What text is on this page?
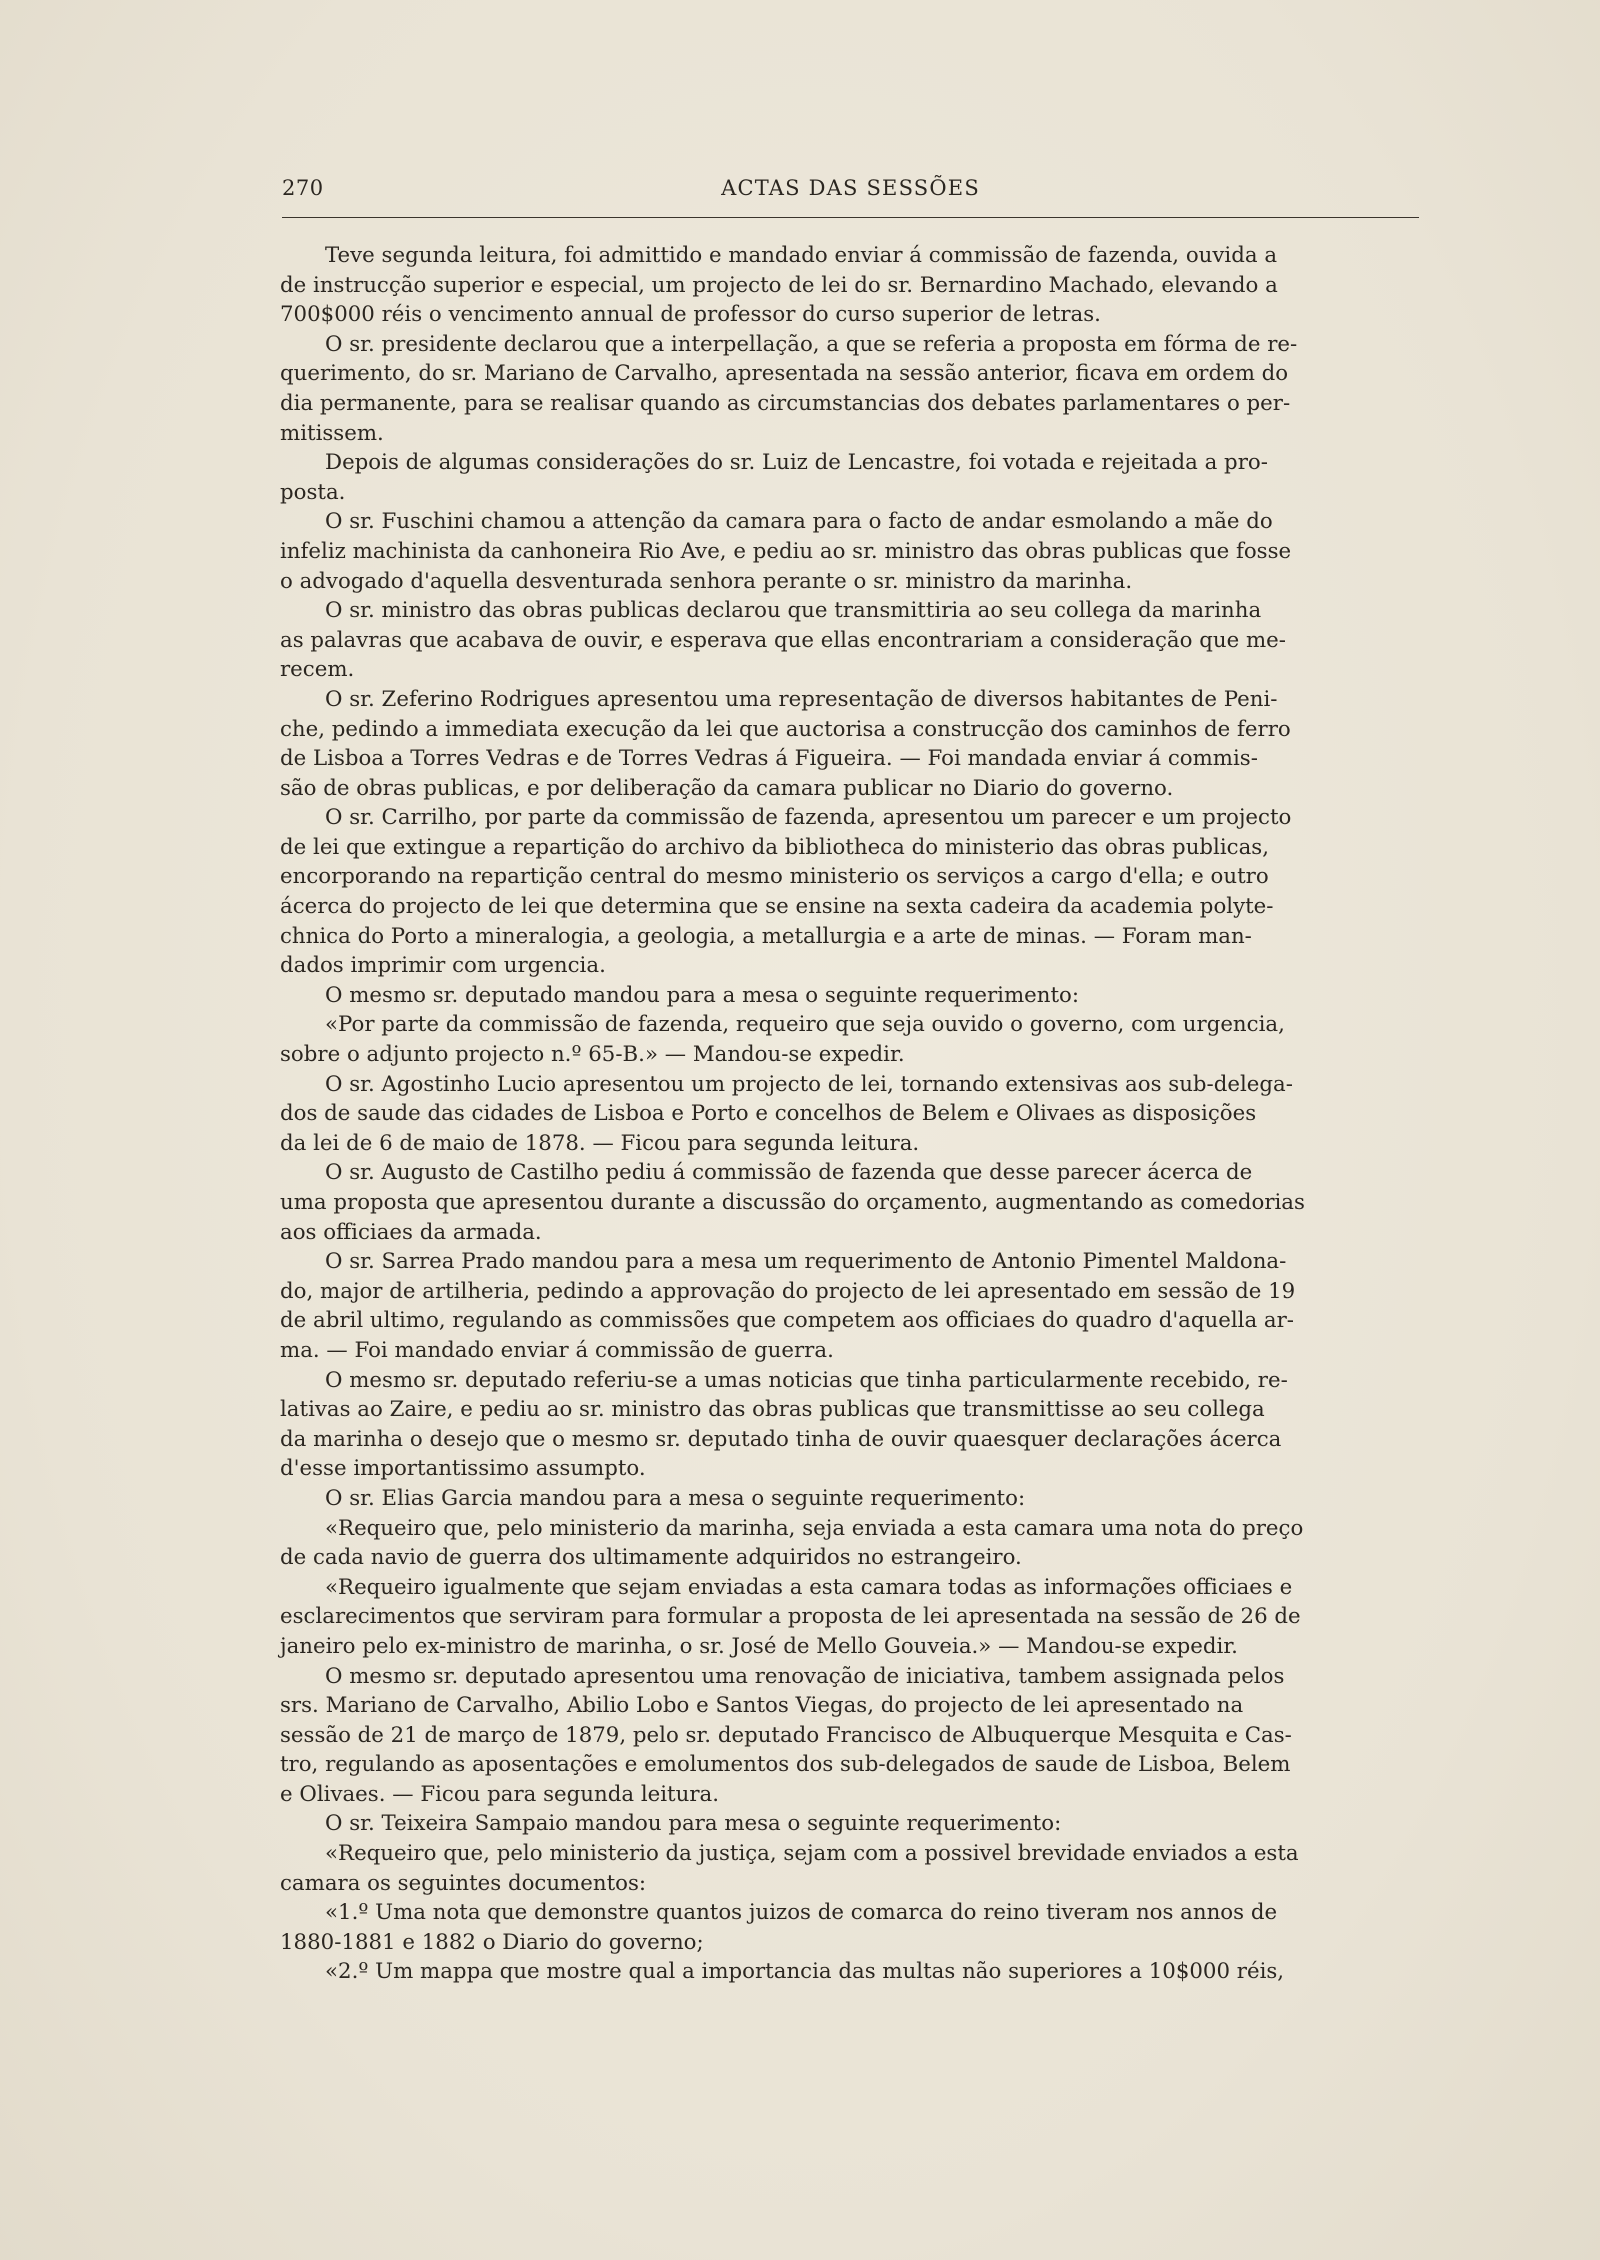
270	ACTAS DAS SESSÕES

Teve segunda leitura, foi admittido e mandado enviar á commissão de fazenda, ouvida a
de instrucção superior e especial, um projecto de lei do sr. Bernardino Machado, elevando a
700$000 réis o vencimento annual de professor do curso superior de letras.

O sr. presidente declarou que a interpellação, a que se referia a proposta em fórma de re-
querimento, do sr. Mariano de Carvalho, apresentada na sessão anterior, ficava em ordem do
dia permanente, para se realisar quando as circumstancias dos debates parlamentares o per-
mitissem.

Depois de algumas considerações do sr. Luiz de Lencastre, foi votada e rejeitada a pro-
posta.

O sr. Fuschini chamou a attenção da camara para o facto de andar esmolando a mãe do
infeliz machinista da canhoneira Rio Ave, e pediu ao sr. ministro das obras publicas que fosse
o advogado d'aquella desventurada senhora perante o sr. ministro da marinha.

O sr. ministro das obras publicas declarou que transmittiria ao seu collega da marinha
as palavras que acabava de ouvir, e esperava que ellas encontrariam a consideração que me-
recem.

O sr. Zeferino Rodrigues apresentou uma representação de diversos habitantes de Peni-
che, pedindo a immediata execução da lei que auctorisa a construcção dos caminhos de ferro
de Lisboa a Torres Vedras e de Torres Vedras á Figueira. — Foi mandada enviar á commis-
são de obras publicas, e por deliberação da camara publicar no Diario do governo.

O sr. Carrilho, por parte da commissão de fazenda, apresentou um parecer e um projecto
de lei que extingue a repartição do archivo da bibliotheca do ministerio das obras publicas,
encorporando na repartição central do mesmo ministerio os serviços a cargo d'ella; e outro
ácerca do projecto de lei que determina que se ensine na sexta cadeira da academia polyte-
chnica do Porto a mineralogia, a geologia, a metallurgia e a arte de minas. — Foram man-
dados imprimir com urgencia.

O mesmo sr. deputado mandou para a mesa o seguinte requerimento:

«Por parte da commissão de fazenda, requeiro que seja ouvido o governo, com urgencia,
sobre o adjunto projecto n.º 65-B.» — Mandou-se expedir.

O sr. Agostinho Lucio apresentou um projecto de lei, tornando extensivas aos sub-delega-
dos de saude das cidades de Lisboa e Porto e concelhos de Belem e Olivaes as disposições
da lei de 6 de maio de 1878. — Ficou para segunda leitura.

O sr. Augusto de Castilho pediu á commissão de fazenda que desse parecer ácerca de
uma proposta que apresentou durante a discussão do orçamento, augmentando as comedorias
aos officiaes da armada.

O sr. Sarrea Prado mandou para a mesa um requerimento de Antonio Pimentel Maldona-
do, major de artilheria, pedindo a approvação do projecto de lei apresentado em sessão de 19
de abril ultimo, regulando as commissões que competem aos officiaes do quadro d'aquella ar-
ma. — Foi mandado enviar á commissão de guerra.

O mesmo sr. deputado referiu-se a umas noticias que tinha particularmente recebido, re-
lativas ao Zaire, e pediu ao sr. ministro das obras publicas que transmittisse ao seu collega
da marinha o desejo que o mesmo sr. deputado tinha de ouvir quaesquer declarações ácerca
d'esse importantissimo assumpto.

O sr. Elias Garcia mandou para a mesa o seguinte requerimento:

«Requeiro que, pelo ministerio da marinha, seja enviada a esta camara uma nota do preço
de cada navio de guerra dos ultimamente adquiridos no estrangeiro.

«Requeiro igualmente que sejam enviadas a esta camara todas as informações officiaes e
esclarecimentos que serviram para formular a proposta de lei apresentada na sessão de 26 de
janeiro pelo ex-ministro de marinha, o sr. José de Mello Gouveia.» — Mandou-se expedir.

O mesmo sr. deputado apresentou uma renovação de iniciativa, tambem assignada pelos
srs. Mariano de Carvalho, Abilio Lobo e Santos Viegas, do projecto de lei apresentado na
sessão de 21 de março de 1879, pelo sr. deputado Francisco de Albuquerque Mesquita e Cas-
tro, regulando as aposentações e emolumentos dos sub-delegados de saude de Lisboa, Belem
e Olivaes. — Ficou para segunda leitura.

O sr. Teixeira Sampaio mandou para mesa o seguinte requerimento:

«Requeiro que, pelo ministerio da justiça, sejam com a possivel brevidade enviados a esta
camara os seguintes documentos:

«1.º Uma nota que demonstre quantos juizos de comarca do reino tiveram nos annos de
1880-1881 e 1882 o Diario do governo;

«2.º Um mappa que mostre qual a importancia das multas não superiores a 10$000 réis,
